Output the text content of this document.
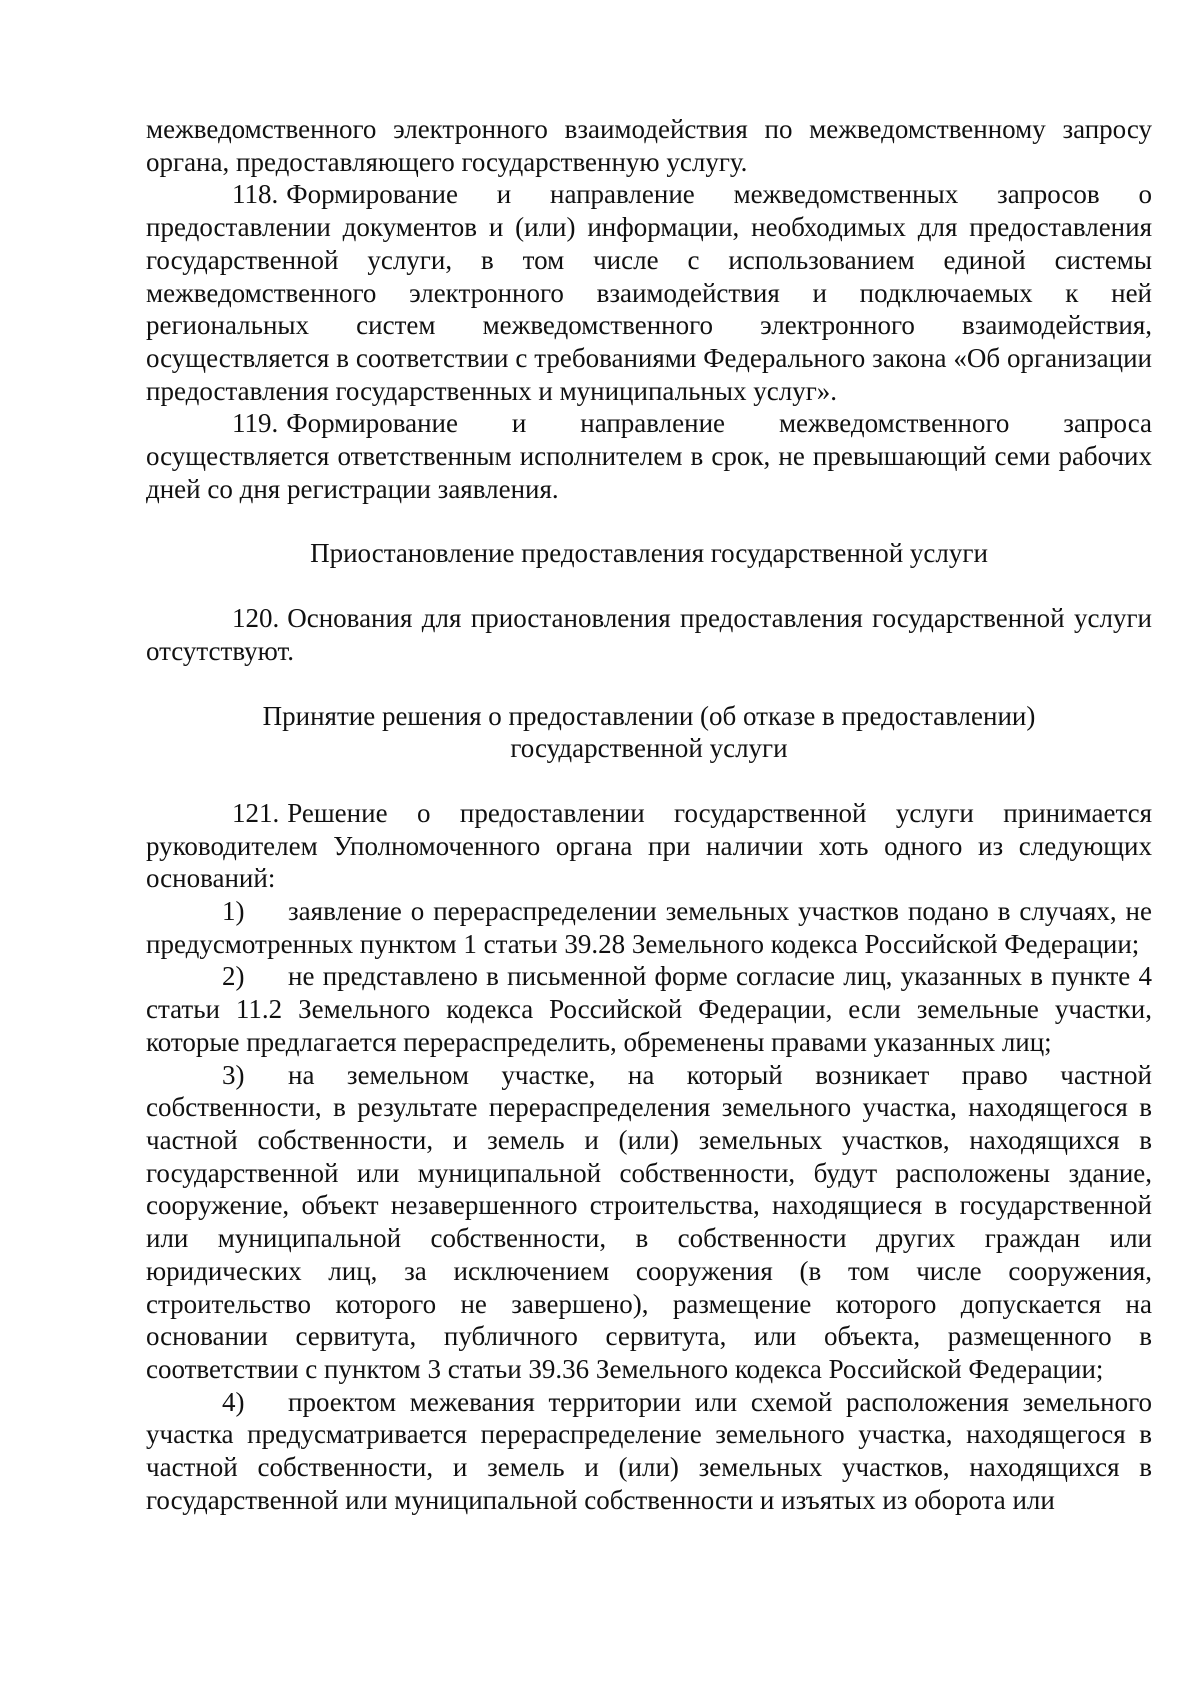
межведомственного электронного взаимодействия по межведомственному запросу органа, предоставляющего государственную услугу.

118. Формирование и направление межведомственных запросов о предоставлении документов и (или) информации, необходимых для предоставления государственной услуги, в том числе с использованием единой системы межведомственного электронного взаимодействия и подключаемых к ней региональных систем межведомственного электронного взаимодействия, осуществляется в соответствии с требованиями Федерального закона «Об организации предоставления государственных и муниципальных услуг».

119. Формирование и направление межведомственного запроса осуществляется ответственным исполнителем в срок, не превышающий семи рабочих дней со дня регистрации заявления.

Приостановление предоставления государственной услуги

120. Основания для приостановления предоставления государственной услуги отсутствуют.

Принятие решения о предоставлении (об отказе в предоставлении)

государственной услуги

121. Решение о предоставлении государственной услуги принимается руководителем Уполномоченного органа при наличии хоть одного из следующих оснований:

1) заявление о перераспределении земельных участков подано в случаях, не предусмотренных пунктом 1 статьи 39.28 Земельного кодекса Российской Федерации;

2) не представлено в письменной форме согласие лиц, указанных в пункте 4 статьи 11.2 Земельного кодекса Российской Федерации, если земельные участки, которые предлагается перераспределить, обременены правами указанных лиц;

3) на земельном участке, на который возникает право частной собственности, в результате перераспределения земельного участка, находящегося в частной собственности, и земель и (или) земельных участков, находящихся в государственной или муниципальной собственности, будут расположены здание, сооружение, объект незавершенного строительства, находящиеся в государственной или муниципальной собственности, в собственности других граждан или юридических лиц, за исключением сооружения (в том числе сооружения, строительство которого не завершено), размещение которого допускается на основании сервитута, публичного сервитута, или объекта, размещенного в соответствии с пунктом 3 статьи 39.36 Земельного кодекса Российской Федерации;

4) проектом межевания территории или схемой расположения земельного участка предусматривается перераспределение земельного участка, находящегося в частной собственности, и земель и (или) земельных участков, находящихся в государственной или муниципальной собственности и изъятых из оборота или
